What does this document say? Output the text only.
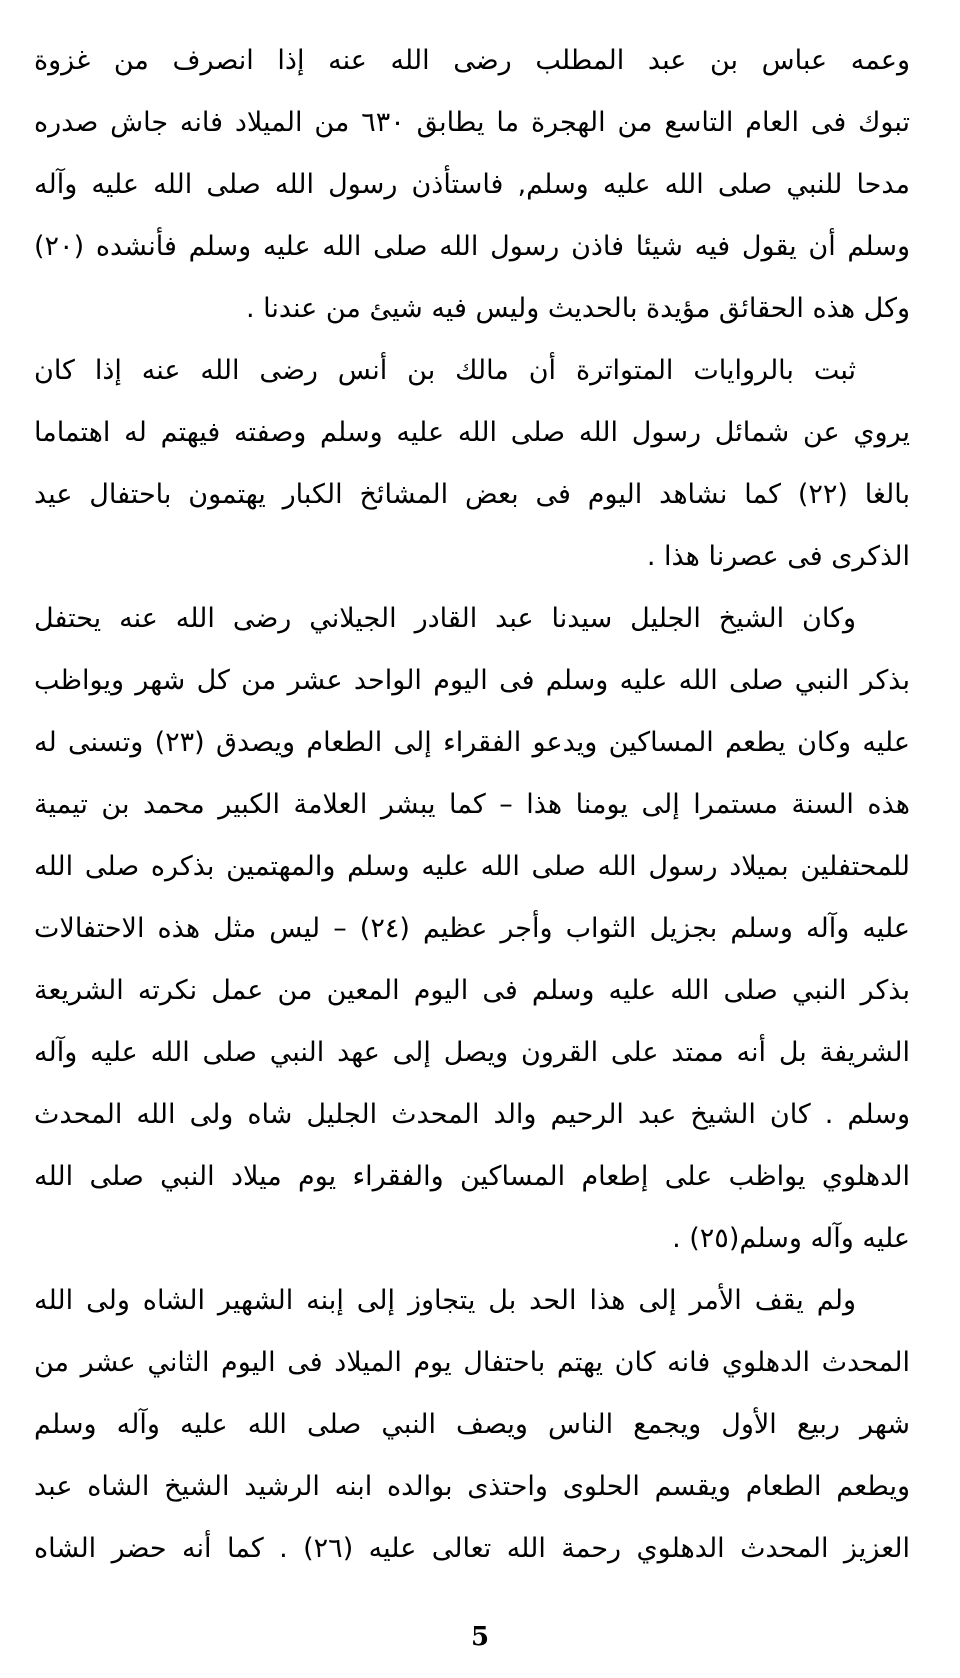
وعمه عباس بن عبد المطلب رضى الله عنه إذا انصرف من غزوة
تبوك فى العام التاسع من الهجرة ما يطابق ٦٣٠ من الميلاد فانه جاش صدره
مدحا للنبي صلى الله عليه وسلم, فاستأذن رسول الله صلى الله عليه وآله
وسلم أن يقول فيه شيئا فاذن رسول الله صلى الله عليه وسلم فأنشده (٢٠)
وكل هذه الحقائق مؤيدة بالحديث وليس فيه شيئ من عندنا .
ثبت بالروايات المتواترة أن مالك بن أنس رضى الله عنه إذا كان
يروي عن شمائل رسول الله صلى الله عليه وسلم وصفته فيهتم له اهتماما
بالغا (٢٢) كما نشاهد اليوم فى بعض المشائخ الكبار يهتمون باحتفال عيد
الذكرى فى عصرنا هذا .
وكان الشيخ الجليل سيدنا عبد القادر الجيلاني رضى الله عنه يحتفل
بذكر النبي صلى الله عليه وسلم فى اليوم الواحد عشر من كل شهر ويواظب
عليه وكان يطعم المساكين ويدعو الفقراء إلى الطعام ويصدق (٢٣) وتسنى له
هذه السنة مستمرا إلى يومنا هذا – كما يبشر العلامة الكبير محمد بن تيمية
للمحتفلين بميلاد رسول الله صلى الله عليه وسلم والمهتمين بذكره صلى الله
عليه وآله وسلم بجزيل الثواب وأجر عظيم (٢٤) – ليس مثل هذه الاحتفالات
بذكر النبي صلى الله عليه وسلم فى اليوم المعين من عمل نكرته الشريعة
الشريفة بل أنه ممتد على القرون ويصل إلى عهد النبي صلى الله عليه وآله
وسلم . كان الشيخ عبد الرحيم والد المحدث الجليل شاه ولى الله المحدث
الدهلوي يواظب على إطعام المساكين والفقراء يوم ميلاد النبي صلى الله
عليه وآله وسلم(٢٥) .
ولم يقف الأمر إلى هذا الحد بل يتجاوز إلى إبنه الشهير الشاه ولى الله
المحدث الدهلوي فانه كان يهتم باحتفال يوم الميلاد فى اليوم الثاني عشر من
شهر ربيع الأول ويجمع الناس ويصف النبي صلى الله عليه وآله وسلم
ويطعم الطعام ويقسم الحلوى واحتذى بوالده ابنه الرشيد الشيخ الشاه عبد
العزيز المحدث الدهلوي رحمة الله تعالى عليه (٢٦) . كما أنه حضر الشاه
5
